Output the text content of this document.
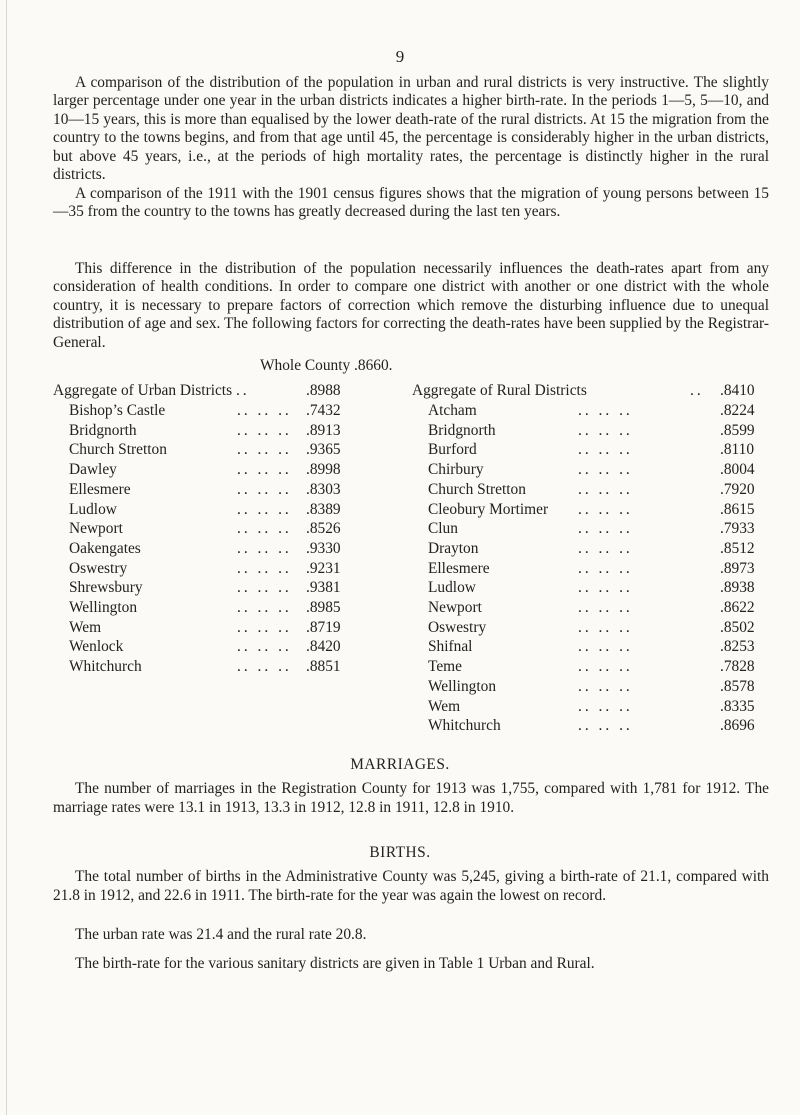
9

A comparison of the distribution of the population in urban and rural districts is very instructive. The slightly larger percentage under one year in the urban districts indicates a higher birth-rate. In the periods 1—5, 5—10, and 10—15 years, this is more than equalised by the lower death-rate of the rural districts. At 15 the migration from the country to the towns begins, and from that age until 45, the percentage is considerably higher in the urban districts, but above 45 years, i.e., at the periods of high mortality rates, the percentage is distinctly higher in the rural districts.

A comparison of the 1911 with the 1901 census figures shows that the migration of young persons between 15—35 from the country to the towns has greatly decreased during the last ten years.

This difference in the distribution of the population necessarily influences the death-rates apart from any consideration of health conditions. In order to compare one district with another or one district with the whole country, it is necessary to prepare factors of correction which remove the disturbing influence due to unequal distribution of age and sex. The following factors for correcting the death-rates have been supplied by the Registrar-General.

Whole County .8660.
Aggregate of Urban Districts ..	.8988
Bishop’s Castle	.. .. .. .7432
Bridgnorth	.. .. .. .8913
Church Stretton	.. .. .. .9365
Dawley	.. .. .. .8998
Ellesmere	.. .. .. .8303
Ludlow	.. .. .. .8389
Newport	.. .. .. .8526
Oakengates	.. .. .. .9330
Oswestry	.. .. .. .9231
Shrewsbury	.. .. .. .9381
Wellington	.. .. .. .8985
Wem	.. .. .. .8719
Wenlock	.. .. .. .8420
Whitchurch	.. .. .. .8851
Aggregate of Rural Districts	.. .8410
Atcham	.. .. ..	.8224
Bridgnorth	.. .. ..	.8599
Burford	.. .. ..	.8110
Chirbury	.. .. ..	.8004
Church Stretton	.. .. ..	.7920
Cleobury Mortimer .. .. ..	.8615
Clun	.. .. ..	.7933
Drayton	.. .. ..	.8512
Ellesmere	.. .. ..	.8973
Ludlow	.. .. ..	.8938
Newport	.. .. ..	.8622
Oswestry	.. .. ..	.8502
Shifnal	.. .. ..	.8253
Teme	.. .. ..	.7828
Wellington	.. .. ..	.8578
Wem	.. .. ..	.8335
Whitchurch	.. .. ..	.8696
MARRIAGES.

The number of marriages in the Registration County for 1913 was 1,755, compared with 1,781 for 1912. The marriage rates were 13.1 in 1913, 13.3 in 1912, 12.8 in 1911, 12.8 in 1910.

BIRTHS.

The total number of births in the Administrative County was 5,245, giving a birth-rate of 21.1, compared with 21.8 in 1912, and 22.6 in 1911. The birth-rate for the year was again the lowest on record.

The urban rate was 21.4 and the rural rate 20.8.

The birth-rate for the various sanitary districts are given in Table 1 Urban and Rural.
